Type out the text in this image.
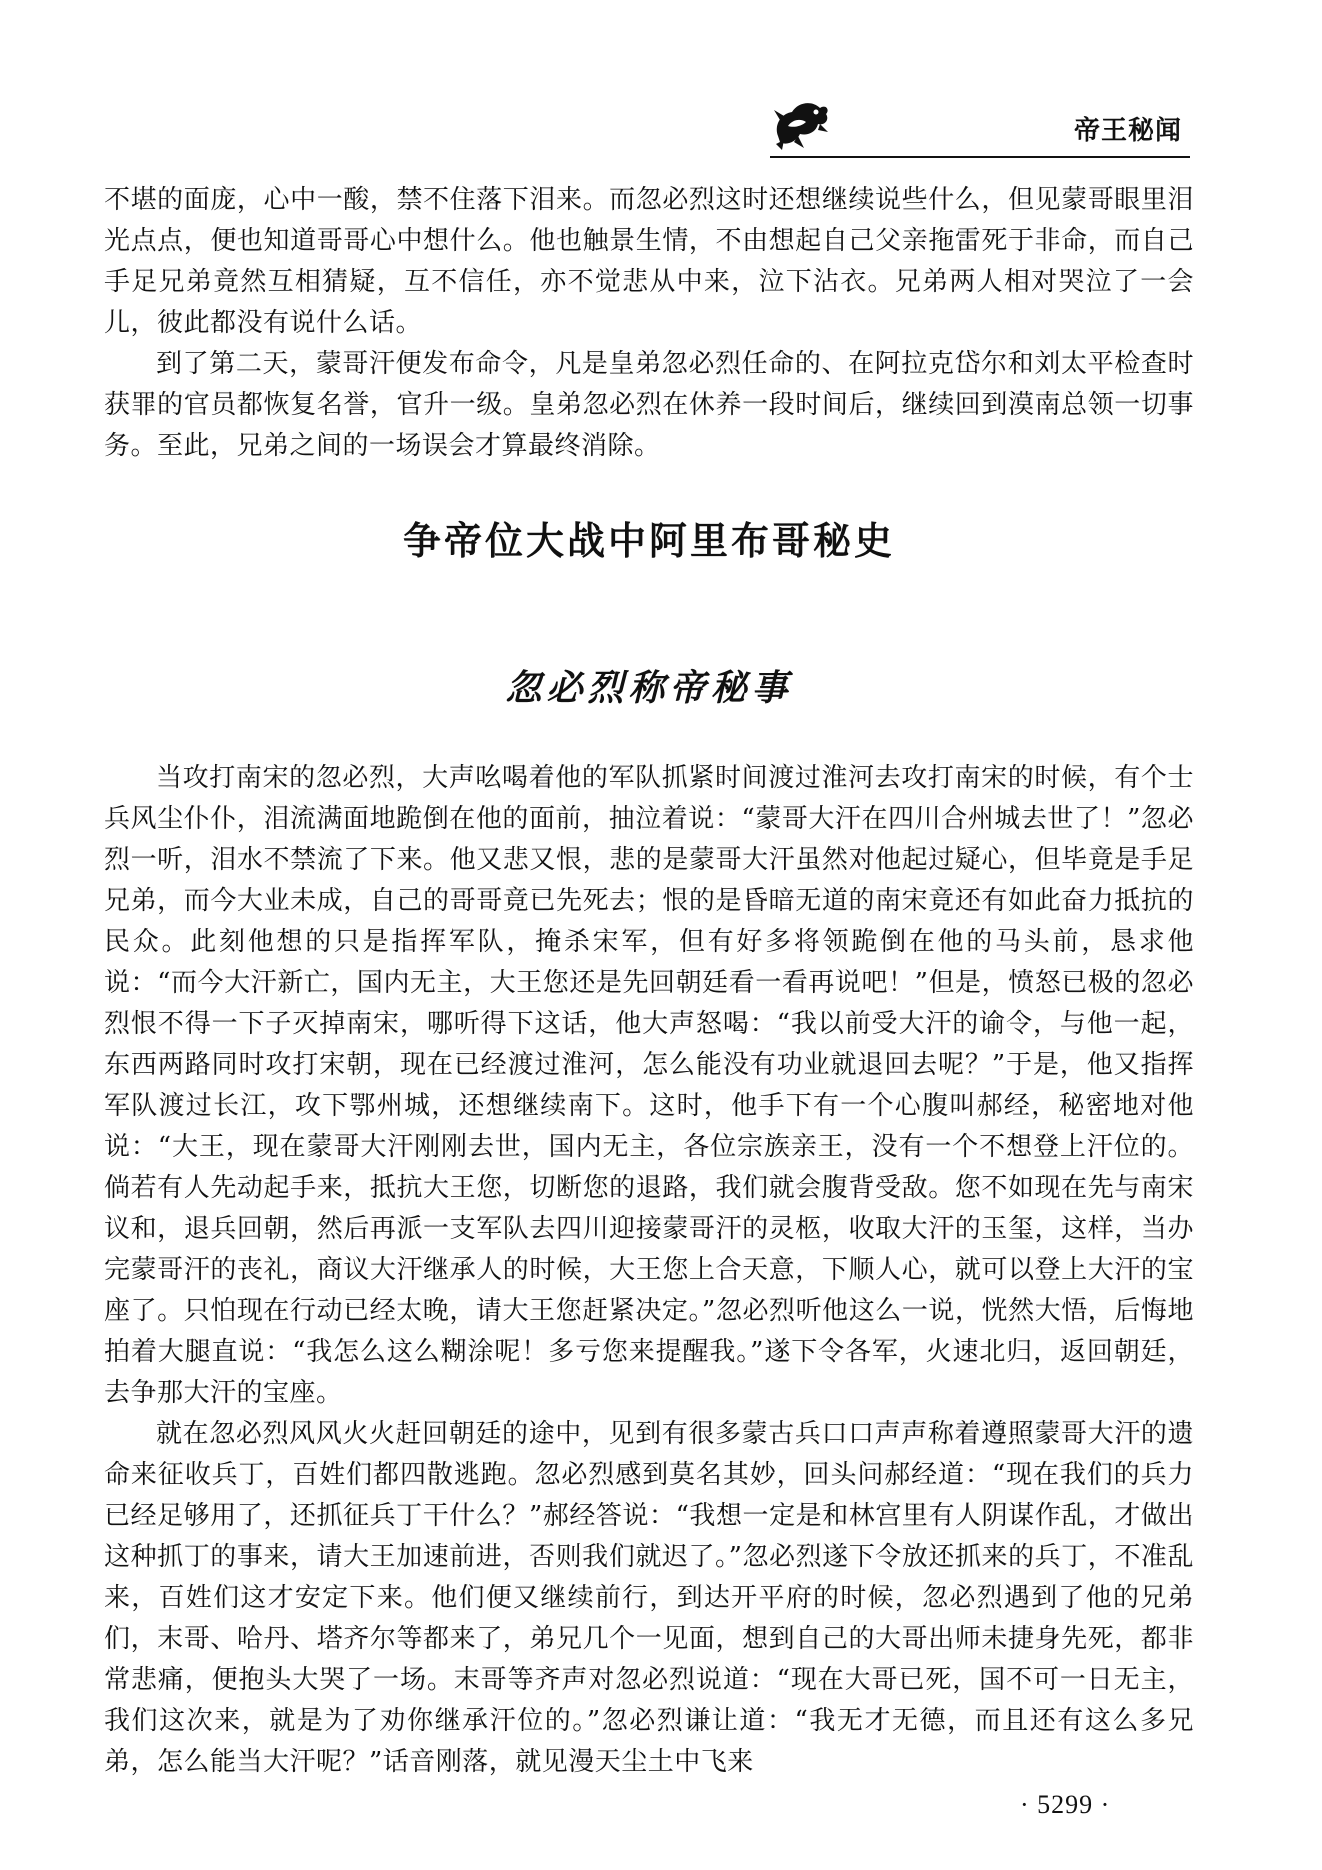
帝王秘闻

不堪的面庞，心中一酸，禁不住落下泪来。而忽必烈这时还想继续说些什么，但见蒙哥眼里泪光点点，便也知道哥哥心中想什么。他也触景生情，不由想起自己父亲拖雷死于非命，而自己手足兄弟竟然互相猜疑，互不信任，亦不觉悲从中来，泣下沾衣。兄弟两人相对哭泣了一会儿，彼此都没有说什么话。

到了第二天，蒙哥汗便发布命令，凡是皇弟忽必烈任命的、在阿拉克岱尔和刘太平检查时获罪的官员都恢复名誉，官升一级。皇弟忽必烈在休养一段时间后，继续回到漠南总领一切事务。至此，兄弟之间的一场误会才算最终消除。

争帝位大战中阿里布哥秘史
忽必烈称帝秘事

当攻打南宋的忽必烈，大声吆喝着他的军队抓紧时间渡过淮河去攻打南宋的时候，有个士兵风尘仆仆，泪流满面地跪倒在他的面前，抽泣着说：“蒙哥大汗在四川合州城去世了！”忽必烈一听，泪水不禁流了下来。他又悲又恨，悲的是蒙哥大汗虽然对他起过疑心，但毕竟是手足兄弟，而今大业未成，自己的哥哥竟已先死去；恨的是昏暗无道的南宋竟还有如此奋力抵抗的民众。此刻他想的只是指挥军队，掩杀宋军，但有好多将领跪倒在他的马头前，恳求他说：“而今大汗新亡，国内无主，大王您还是先回朝廷看一看再说吧！”但是，愤怒已极的忽必烈恨不得一下子灭掉南宋，哪听得下这话，他大声怒喝：“我以前受大汗的谕令，与他一起，东西两路同时攻打宋朝，现在已经渡过淮河，怎么能没有功业就退回去呢？”于是，他又指挥军队渡过长江，攻下鄂州城，还想继续南下。这时，他手下有一个心腹叫郝经，秘密地对他说：“大王，现在蒙哥大汗刚刚去世，国内无主，各位宗族亲王，没有一个不想登上汗位的。倘若有人先动起手来，抵抗大王您，切断您的退路，我们就会腹背受敌。您不如现在先与南宋议和，退兵回朝，然后再派一支军队去四川迎接蒙哥汗的灵柩，收取大汗的玉玺，这样，当办完蒙哥汗的丧礼，商议大汗继承人的时候，大王您上合天意，下顺人心，就可以登上大汗的宝座了。只怕现在行动已经太晚，请大王您赶紧决定。”忽必烈听他这么一说，恍然大悟，后悔地拍着大腿直说：“我怎么这么糊涂呢！多亏您来提醒我。”遂下令各军，火速北归，返回朝廷，去争那大汗的宝座。

就在忽必烈风风火火赶回朝廷的途中，见到有很多蒙古兵口口声声称着遵照蒙哥大汗的遗命来征收兵丁，百姓们都四散逃跑。忽必烈感到莫名其妙，回头问郝经道：“现在我们的兵力已经足够用了，还抓征兵丁干什么？”郝经答说：“我想一定是和林宫里有人阴谋作乱，才做出这种抓丁的事来，请大王加速前进，否则我们就迟了。”忽必烈遂下令放还抓来的兵丁，不准乱来，百姓们这才安定下来。他们便又继续前行，到达开平府的时候，忽必烈遇到了他的兄弟们，末哥、哈丹、塔齐尔等都来了，弟兄几个一见面，想到自己的大哥出师未捷身先死，都非常悲痛，便抱头大哭了一场。末哥等齐声对忽必烈说道：“现在大哥已死，国不可一日无主，我们这次来，就是为了劝你继承汗位的。”忽必烈谦让道：“我无才无德，而且还有这么多兄弟，怎么能当大汗呢？”话音刚落，就见漫天尘土中飞来

· 5299 ·
